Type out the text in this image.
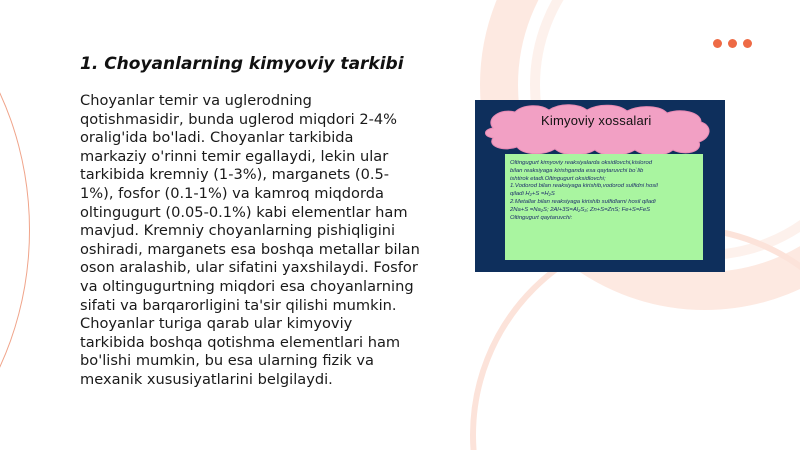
1. Choyanlarning kimyoviy tarkibi

Choyanlar temir va uglerodning qotishmasidir, bunda uglerod miqdori 2-4% oralig'ida bo'ladi. Choyanlar tarkibida markaziy o'rinni temir egallaydi, lekin ular tarkibida kremniy (1-3%), marganets (0.5-1%), fosfor (0.1-1%) va kamroq miqdorda oltingugurt (0.05-0.1%) kabi elementlar ham mavjud. Kremniy choyanlarning pishiqligini oshiradi, marganets esa boshqa metallar bilan oson aralashib, ular sifatini yaxshilaydi. Fosfor va oltingugurtning miqdori esa choyanlarning sifati va barqarorligini ta'sir qilishi mumkin. Choyanlar turiga qarab ular kimyoviy tarkibida boshqa qotishma elementlari ham bo'lishi mumkin, bu esa ularning fizik va mexanik xususiyatlarini belgilaydi.

Kimyoviy xossalari
Oltingugurt kimyoviy reaksiyalarda oksidlovchi,kislorod
bilan reaksiyaga kirishganda esa qaytaruvchi bo`lib
ishtirok etadi.Oltingugurt oksidlovchi;
1.Vodorod bilan reaksiyaga kirishib,vodorod sulfidni hosil
qiladi H₂+S =H₂S
2.Metallar bilan reaksiyaga kirishib sulfidlarni hosil qiladi
2Na+S =Na₂S; 2Al+3S=Al₂S₃; Zn+S=ZnS; Fe+S=FeS
Oltingugurt qaytaruvchi:
